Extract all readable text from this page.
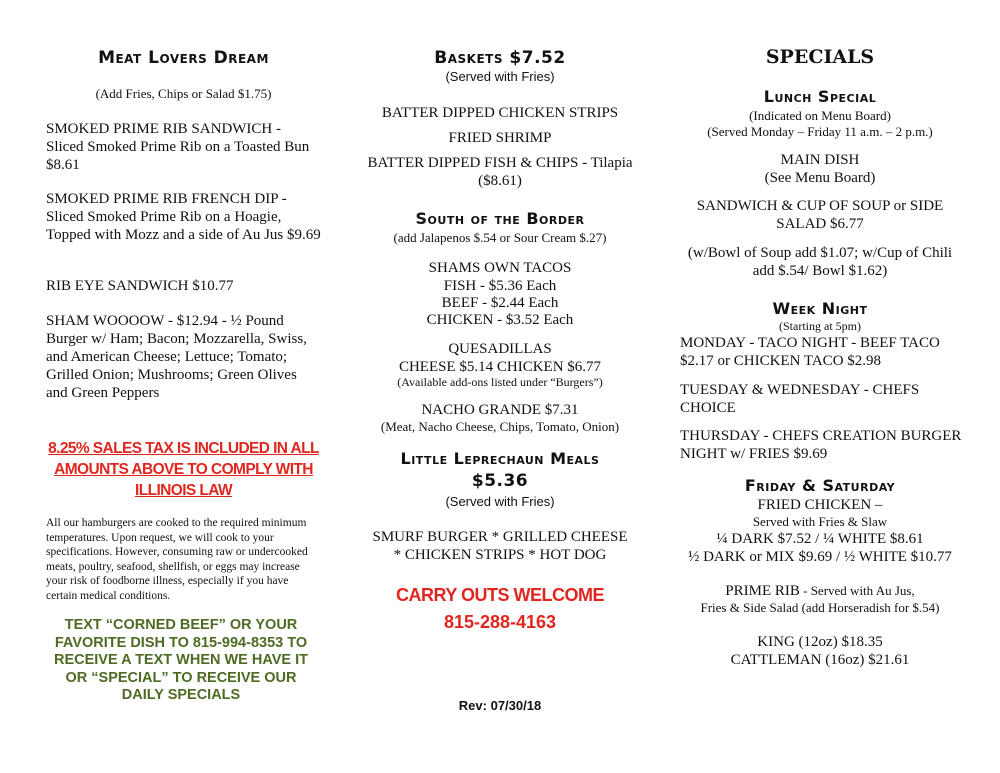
Meat Lovers Dream
(Add Fries, Chips or Salad $1.75)
SMOKED PRIME RIB SANDWICH - Sliced Smoked Prime Rib on a Toasted Bun $8.61
SMOKED PRIME RIB FRENCH DIP - Sliced Smoked Prime Rib on a Hoagie, Topped with Mozz and a side of Au Jus $9.69
RIB EYE SANDWICH $10.77
SHAM WOOOOW - $12.94 - ½ Pound Burger w/ Ham; Bacon; Mozzarella, Swiss, and American Cheese; Lettuce; Tomato; Grilled Onion; Mushrooms; Green Olives and Green Peppers
8.25% SALES TAX IS INCLUDED IN ALL AMOUNTS ABOVE TO COMPLY WITH ILLINOIS LAW
All our hamburgers are cooked to the required minimum temperatures. Upon request, we will cook to your specifications. However, consuming raw or undercooked meats, poultry, seafood, shellfish, or eggs may increase your risk of foodborne illness, especially if you have certain medical conditions.
TEXT “CORNED BEEF” OR YOUR FAVORITE DISH TO 815-994-8353 TO RECEIVE A TEXT WHEN WE HAVE IT OR “SPECIAL” TO RECEIVE OUR DAILY SPECIALS
Baskets $7.52
(Served with Fries)
BATTER DIPPED CHICKEN STRIPS
FRIED SHRIMP
BATTER DIPPED FISH & CHIPS - Tilapia ($8.61)
South of the Border
(add Jalapenos $.54 or Sour Cream $.27)
SHAMS OWN TACOS
FISH - $5.36 Each
BEEF - $2.44 Each
CHICKEN - $3.52 Each
QUESADILLAS
CHEESE $5.14 CHICKEN $6.77
(Available add-ons listed under “Burgers”)
NACHO GRANDE $7.31
(Meat, Nacho Cheese, Chips, Tomato, Onion)
Little Leprechaun Meals
$5.36
(Served with Fries)
SMURF BURGER * GRILLED CHEESE * CHICKEN STRIPS * HOT DOG
CARRY OUTS WELCOME
815-288-4163
Rev: 07/30/18
SPECIALS
Lunch Special
(Indicated on Menu Board)
(Served Monday – Friday 11 a.m. – 2 p.m.)
MAIN DISH
(See Menu Board)
SANDWICH & CUP OF SOUP or SIDE SALAD $6.77
(w/Bowl of Soup add $1.07; w/Cup of Chili add $.54/ Bowl $1.62)
Week Night
(Starting at 5pm)
MONDAY - TACO NIGHT - BEEF TACO $2.17 or CHICKEN TACO $2.98
TUESDAY & WEDNESDAY - CHEFS CHOICE
THURSDAY - CHEFS CREATION BURGER NIGHT w/ FRIES $9.69
Friday & Saturday
FRIED CHICKEN –
Served with Fries & Slaw
¼ DARK $7.52 / ¼ WHITE $8.61
½ DARK or MIX $9.69 / ½ WHITE $10.77
PRIME RIB - Served with Au Jus,
Fries & Side Salad (add Horseradish for $.54)
KING (12oz) $18.35
CATTLEMAN (16oz) $21.61
